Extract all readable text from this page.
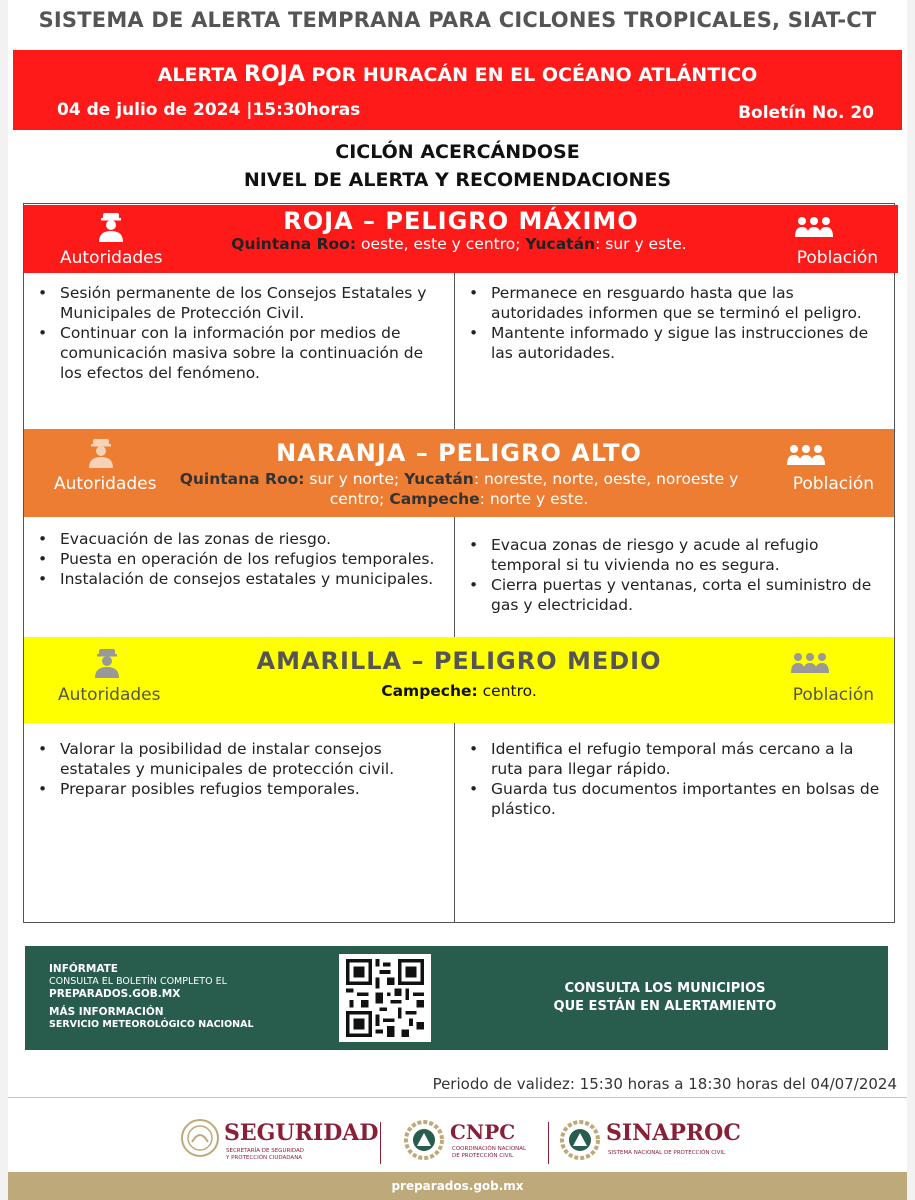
SISTEMA DE ALERTA TEMPRANA PARA CICLONES TROPICALES, SIAT-CT
ALERTA ROJA POR HURACÁN EN EL OCÉANO ATLÁNTICO
04 de julio de 2024 |15:30horas	Boletín No. 20
CICLÓN ACERCÁNDOSE
NIVEL DE ALERTA Y RECOMENDACIONES
ROJA – PELIGRO MÁXIMO
Quintana Roo: oeste, este y centro; Yucatán: sur y este.
Autoridades	Población
• Sesión permanente de los Consejos Estatales y Municipales de Protección Civil.
• Continuar con la información por medios de comunicación masiva sobre la continuación de los efectos del fenómeno.
• Permanece en resguardo hasta que las autoridades informen que se terminó el peligro.
• Mantente informado y sigue las instrucciones de las autoridades.
NARANJA – PELIGRO ALTO
Quintana Roo: sur y norte; Yucatán: noreste, norte, oeste, noroeste y centro; Campeche: norte y este.
Autoridades	Población
• Evacuación de las zonas de riesgo.
• Puesta en operación de los refugios temporales.
• Instalación de consejos estatales y municipales.
• Evacua zonas de riesgo y acude al refugio temporal si tu vivienda no es segura.
• Cierra puertas y ventanas, corta el suministro de gas y electricidad.
AMARILLA – PELIGRO MEDIO
Campeche: centro.
Autoridades	Población
• Valorar la posibilidad de instalar consejos estatales y municipales de protección civil.
• Preparar posibles refugios temporales.
• Identifica el refugio temporal más cercano a la ruta para llegar rápido.
• Guarda tus documentos importantes en bolsas de plástico.
INFÓRMATE
CONSULTA EL BOLETÍN COMPLETO EL
PREPARADOS.GOB.MX
MÁS INFORMACIÓN
SERVICIO METEOROLÓGICO NACIONAL
CONSULTA LOS MUNICIPIOS
QUE ESTÁN EN ALERTAMIENTO
Periodo de validez: 15:30 horas a 18:30 horas del 04/07/2024
SEGURIDAD
SECRETARÍA DE SEGURIDAD
Y PROTECCIÓN CIUDADANA
CNPC
COORDINACIÓN NACIONAL
DE PROTECCIÓN CIVIL
SINAPROC
SISTEMA NACIONAL DE PROTECCIÓN CIVIL
preparados.gob.mx
